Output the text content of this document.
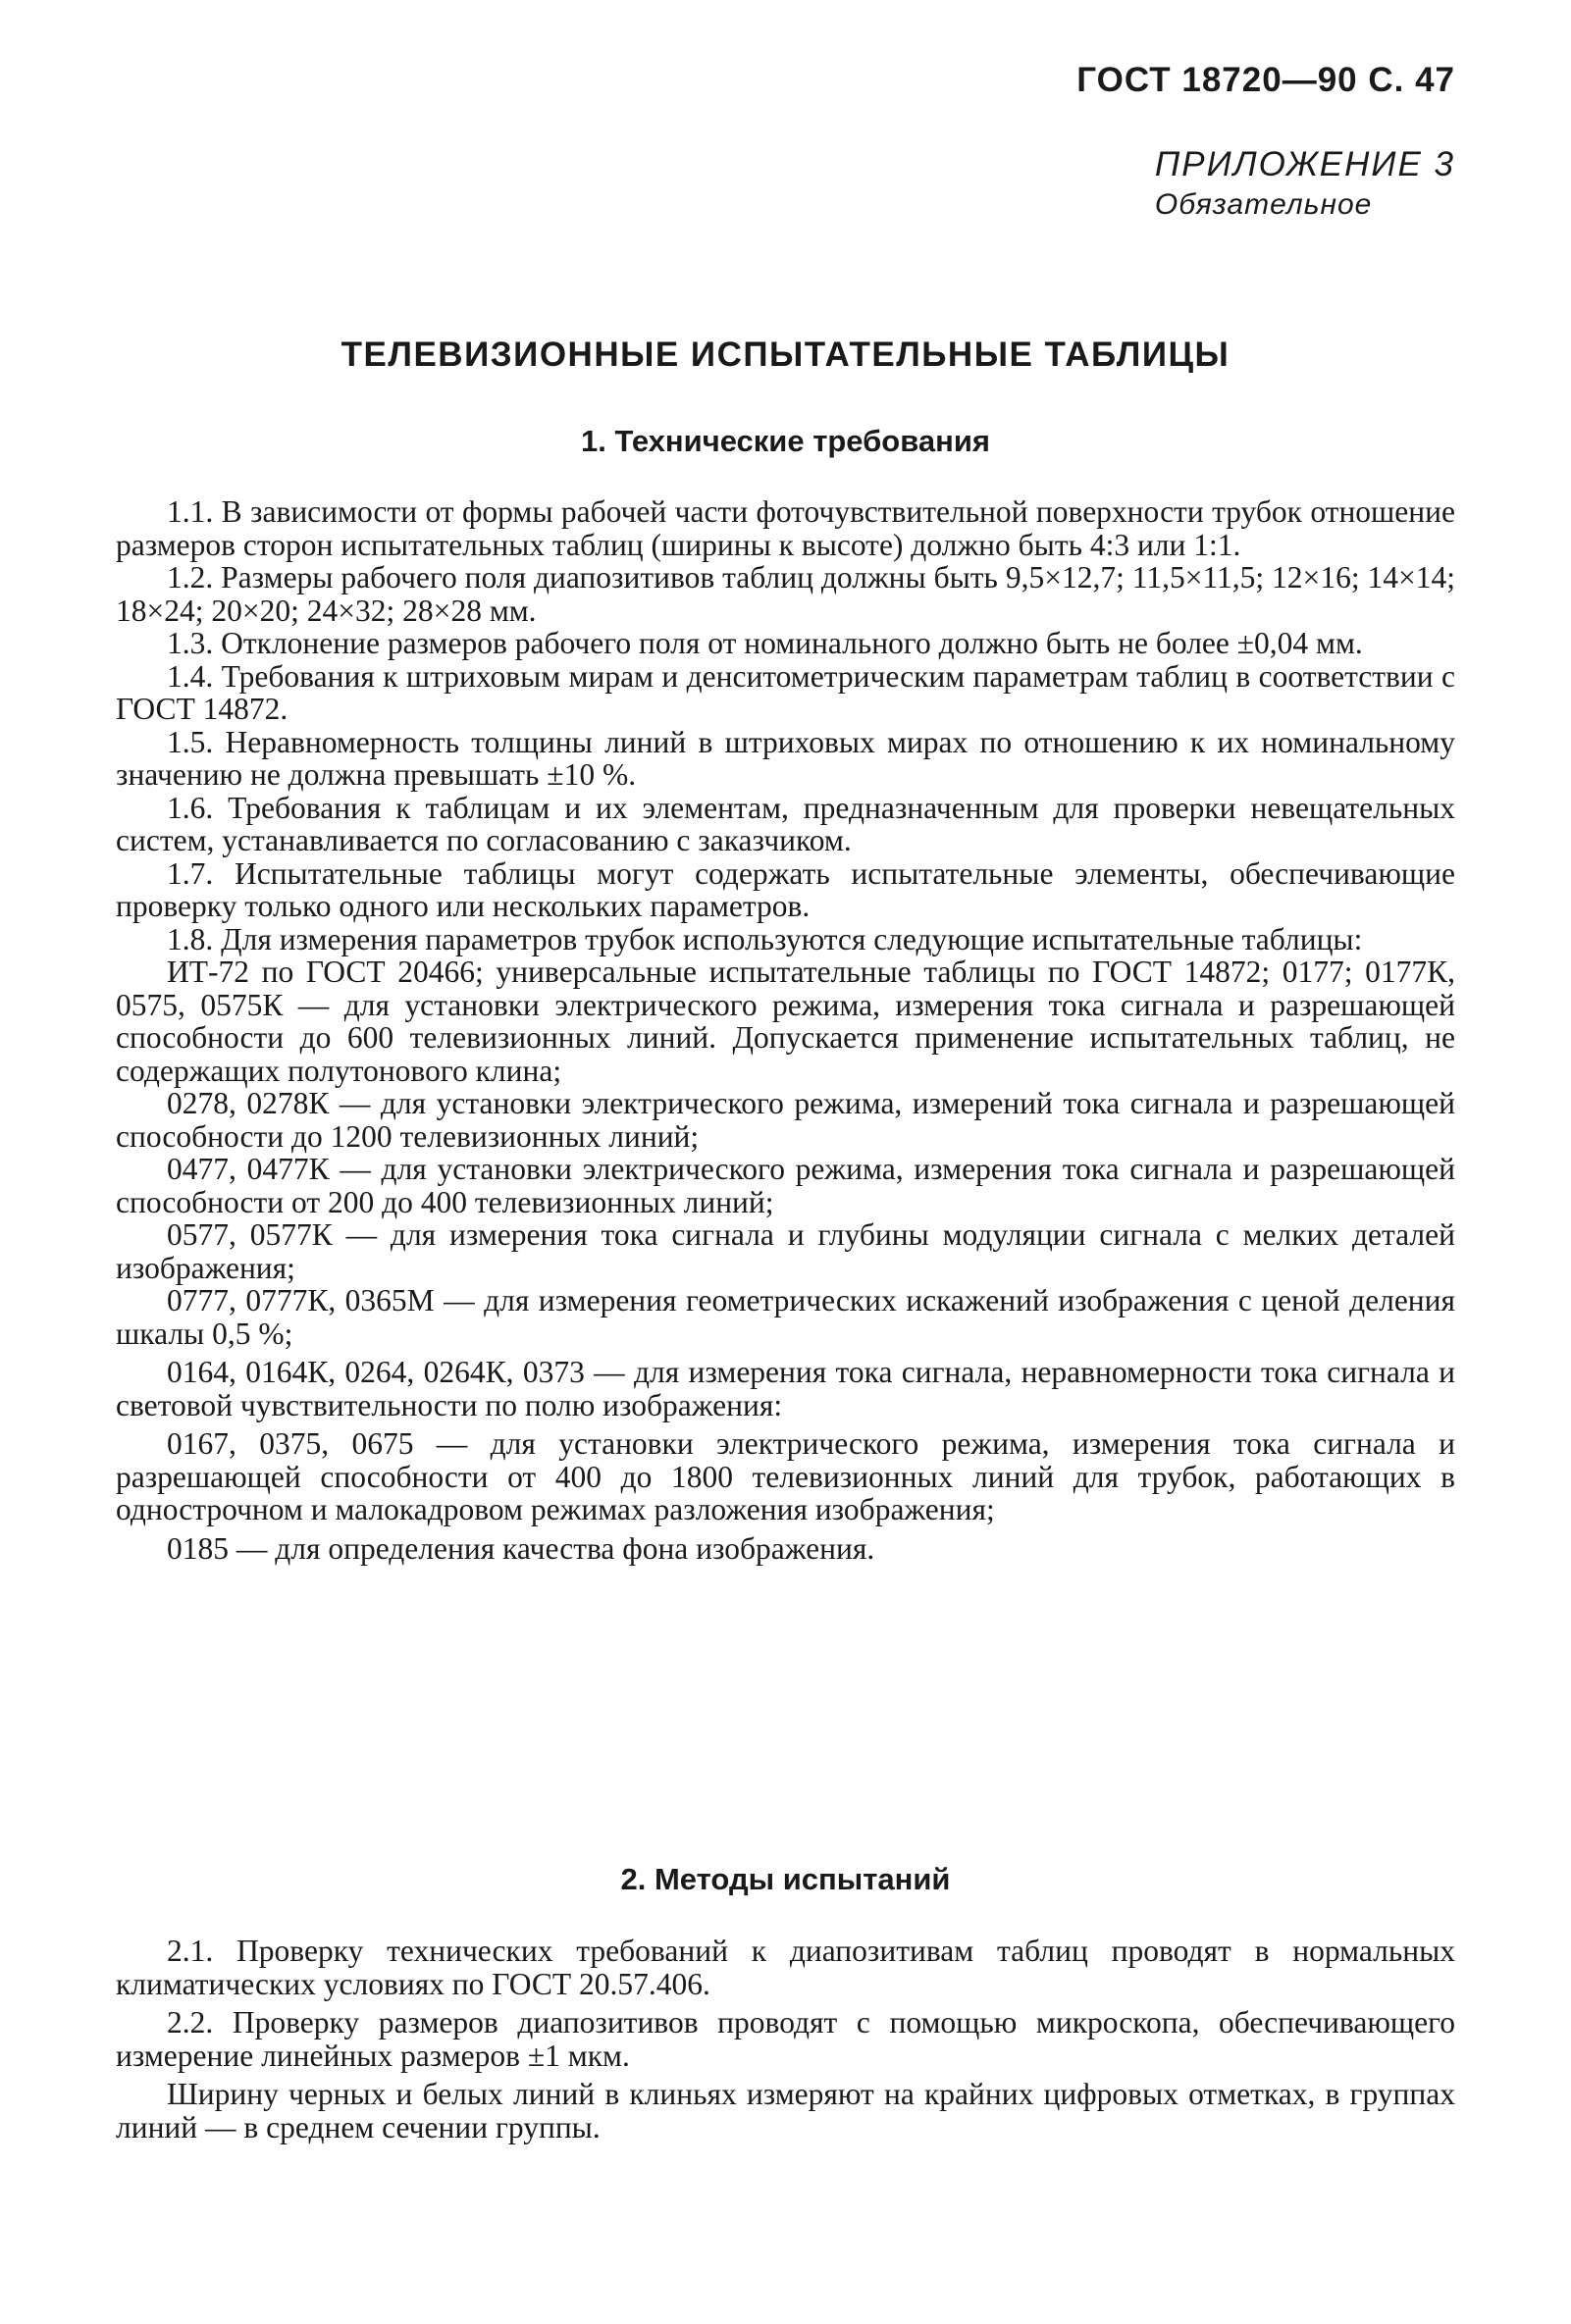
ГОСТ 18720—90 С. 47
ПРИЛОЖЕНИЕ 3
Обязательное
ТЕЛЕВИЗИОННЫЕ ИСПЫТАТЕЛЬНЫЕ ТАБЛИЦЫ
1. Технические требования

1.1. В зависимости от формы рабочей части фоточувствительной поверхности трубок отношение размеров сторон испытательных таблиц (ширины к высоте) должно быть 4:3 или 1:1.

1.2. Размеры рабочего поля диапозитивов таблиц должны быть 9,5×12,7; 11,5×11,5; 12×16; 14×14; 18×24; 20×20; 24×32; 28×28 мм.

1.3. Отклонение размеров рабочего поля от номинального должно быть не более ±0,04 мм.

1.4. Требования к штриховым мирам и денситометрическим параметрам таблиц в соответствии с ГОСТ 14872.

1.5. Неравномерность толщины линий в штриховых мирах по отношению к их номинальному значению не должна превышать ±10 %.

1.6. Требования к таблицам и их элементам, предназначенным для проверки невещательных систем, устанавливается по согласованию с заказчиком.

1.7. Испытательные таблицы могут содержать испытательные элементы, обеспечивающие проверку только одного или нескольких параметров.

1.8. Для измерения параметров трубок используются следующие испытательные таблицы:

ИТ-72 по ГОСТ 20466; универсальные испытательные таблицы по ГОСТ 14872; 0177; 0177К, 0575, 0575К — для установки электрического режима, измерения тока сигнала и разрешающей способности до 600 телевизионных линий. Допускается применение испытательных таблиц, не содержащих полутонового клина;

0278, 0278К — для установки электрического режима, измерений тока сигнала и разрешающей способности до 1200 телевизионных линий;

0477, 0477К — для установки электрического режима, измерения тока сигнала и разрешающей способности от 200 до 400 телевизионных линий;

0577, 0577К — для измерения тока сигнала и глубины модуляции сигнала с мелких деталей изображения;

0777, 0777К, 0365М — для измерения геометрических искажений изображения с ценой деления шкалы 0,5 %;

0164, 0164К, 0264, 0264К, 0373 — для измерения тока сигнала, неравномерности тока сигнала и световой чувствительности по полю изображения:

0167, 0375, 0675 — для установки электрического режима, измерения тока сигнала и разрешающей способности от 400 до 1800 телевизионных линий для трубок, работающих в однострочном и малокадровом режимах разложения изображения;

0185 — для определения качества фона изображения.

2. Методы испытаний

2.1. Проверку технических требований к диапозитивам таблиц проводят в нормальных климатических условиях по ГОСТ 20.57.406.

2.2. Проверку размеров диапозитивов проводят с помощью микроскопа, обеспечивающего измерение линейных размеров ±1 мкм.

Ширину черных и белых линий в клиньях измеряют на крайних цифровых отметках, в группах линий — в среднем сечении группы.
